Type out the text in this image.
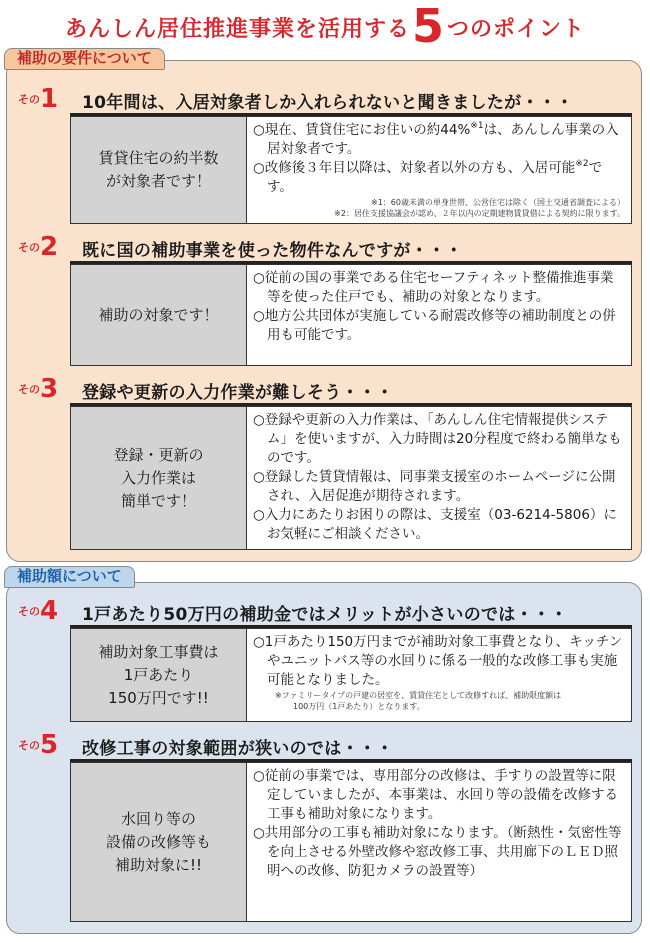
あんしん居住推進事業を活用する5つのポイント
補助の要件について
補助額について
$^{その}$1 10年間は、入居対象者しか入れられないと聞きましたが・・・
賃貸住宅の約半数
が対象者です！
○現在、賃貸住宅にお住いの約44%$^{※1}$は、あんしん事業の入居対象者です。
○改修後３年目以降は、対象者以外の方も、入居可能$^{※2}$です。
※1：60歳未満の単身世帯、公営住宅は除く（国土交通省調査による）
※2：居住支援協議会が認め、２年以内の定期建物賃貸借による契約に限ります。
$^{その}$2 既に国の補助事業を使った物件なんですが・・・
補助の対象です！
○従前の国の事業である住宅セーフティネット整備推進事業等を使った住戸でも、補助の対象となります。
○地方公共団体が実施している耐震改修等の補助制度との併用も可能です。
$^{その}$3 登録や更新の入力作業が難しそう・・・
登録・更新の
入力作業は
簡単です！
○登録や更新の入力作業は、「あんしん住宅情報提供システム」を使いますが、入力時間は20分程度で終わる簡単なものです。
○登録した賃貸情報は、同事業支援室のホームページに公開され、入居促進が期待されます。
○入力にあたりお困りの際は、支援室（03-6214-5806）にお気軽にご相談ください。
$^{その}$4 1戸あたり50万円の補助金ではメリットが小さいのでは・・・
補助対象工事費は
1戸あたり
150万円です!!
○1戸あたり150万円までが補助対象工事費となり、キッチンやユニットバス等の水回りに係る一般的な改修工事も実施可能となりました。
※ファミリータイプの戸建の居室を、賃貸住宅として改修すれば、補助限度額は
100万円（1戸あたり）となります。
$^{その}$5 改修工事の対象範囲が狭いのでは・・・
水回り等の
設備の改修等も
補助対象に!!
○従前の事業では、専用部分の改修は、手すりの設置等に限定していましたが、本事業は、水回り等の設備を改修する工事も補助対象になります。
○共用部分の工事も補助対象になります。（断熱性・気密性等を向上させる外壁改修や窓改修工事、共用廊下のＬＥＤ照明への改修、防犯カメラの設置等）
